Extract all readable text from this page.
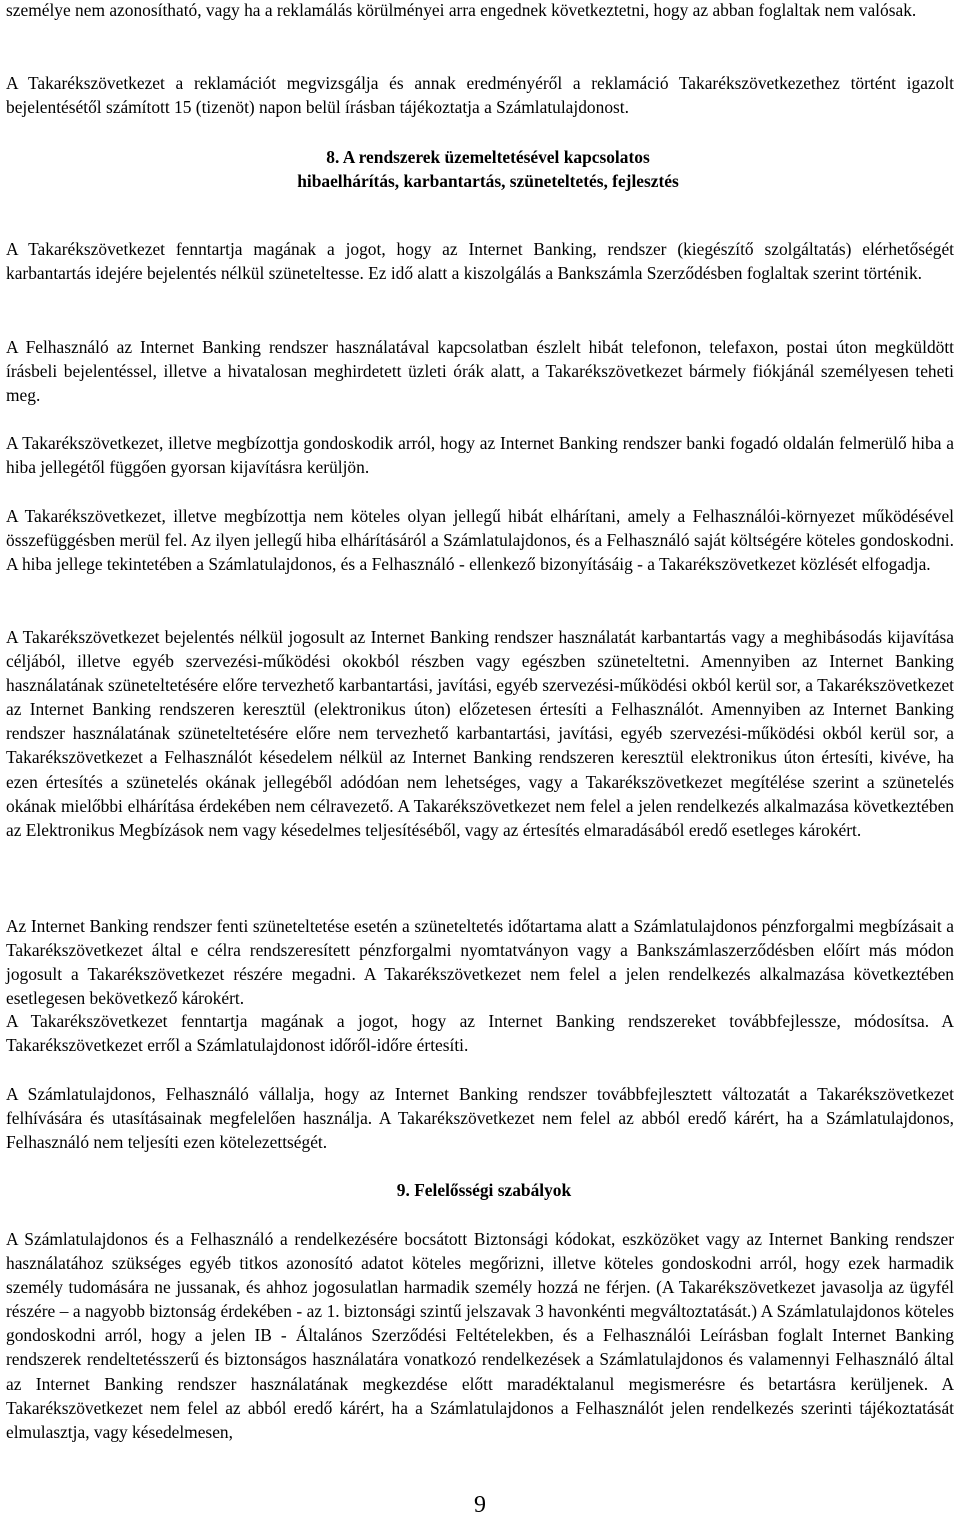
személye nem azonosítható, vagy ha a reklamálás körülményei arra engednek következtetni, hogy az abban foglaltak nem valósak.

A Takarékszövetkezet a reklamációt megvizsgálja és annak eredményéről a reklamáció Takarékszövetkezethez történt igazolt bejelentésétől számított 15 (tizenöt) napon belül írásban tájékoztatja a Számlatulajdonost.

8. A rendszerek üzemeltetésével kapcsolatos

hibaelhárítás, karbantartás, szüneteltetés, fejlesztés

A Takarékszövetkezet fenntartja magának a jogot, hogy az Internet Banking, rendszer (kiegészítő szolgáltatás) elérhetőségét karbantartás idejére bejelentés nélkül szüneteltesse. Ez idő alatt a kiszolgálás a Bankszámla Szerződésben foglaltak szerint történik.

A Felhasználó az Internet Banking rendszer használatával kapcsolatban észlelt hibát telefonon, telefaxon, postai úton megküldött írásbeli bejelentéssel, illetve a hivatalosan meghirdetett üzleti órák alatt, a Takarékszövetkezet bármely fiókjánál személyesen teheti meg.

A Takarékszövetkezet, illetve megbízottja gondoskodik arról, hogy az Internet Banking rendszer banki fogadó oldalán felmerülő hiba a hiba jellegétől függően gyorsan kijavításra kerüljön.

A Takarékszövetkezet, illetve megbízottja nem köteles olyan jellegű hibát elhárítani, amely a Felhasználói-környezet működésével összefüggésben merül fel. Az ilyen jellegű hiba elhárításáról a Számlatulajdonos, és a Felhasználó saját költségére köteles gondoskodni. A hiba jellege tekintetében a Számlatulajdonos, és a Felhasználó - ellenkező bizonyításáig - a Takarékszövetkezet közlését elfogadja.

A Takarékszövetkezet bejelentés nélkül jogosult az Internet Banking rendszer használatát karbantartás vagy a meghibásodás kijavítása céljából, illetve egyéb szervezési-működési okokból részben vagy egészben szüneteltetni. Amennyiben az Internet Banking használatának szüneteltetésére előre tervezhető karbantartási, javítási, egyéb szervezési-működési okból kerül sor, a Takarékszövetkezet az Internet Banking rendszeren keresztül (elektronikus úton) előzetesen értesíti a Felhasználót. Amennyiben az Internet Banking rendszer használatának szüneteltetésére előre nem tervezhető karbantartási, javítási, egyéb szervezési-működési okból kerül sor, a Takarékszövetkezet a Felhasználót késedelem nélkül az Internet Banking rendszeren keresztül elektronikus úton értesíti, kivéve, ha ezen értesítés a szünetelés okának jellegéből adódóan nem lehetséges, vagy a Takarékszövetkezet megítélése szerint a szünetelés okának mielőbbi elhárítása érdekében nem célravezető. A Takarékszövetkezet nem felel a jelen rendelkezés alkalmazása következtében az Elektronikus Megbízások nem vagy késedelmes teljesítéséből, vagy az értesítés elmaradásából eredő esetleges károkért.

Az Internet Banking rendszer fenti szüneteltetése esetén a szüneteltetés időtartama alatt a Számlatulajdonos pénzforgalmi megbízásait a Takarékszövetkezet által e célra rendszeresített pénzforgalmi nyomtatványon vagy a Bankszámlaszerződésben előírt más módon jogosult a Takarékszövetkezet részére megadni. A Takarékszövetkezet nem felel a jelen rendelkezés alkalmazása következtében esetlegesen bekövetkező károkért.

A Takarékszövetkezet fenntartja magának a jogot, hogy az Internet Banking rendszereket továbbfejlessze, módosítsa. A Takarékszövetkezet erről a Számlatulajdonost időről-időre értesíti.

A Számlatulajdonos, Felhasználó vállalja, hogy az Internet Banking rendszer továbbfejlesztett változatát a Takarékszövetkezet felhívására és utasításainak megfelelően használja. A Takarékszövetkezet nem felel az abból eredő kárért, ha a Számlatulajdonos, Felhasználó nem teljesíti ezen kötelezettségét.

9. Felelősségi szabályok

A Számlatulajdonos és a Felhasználó a rendelkezésére bocsátott Biztonsági kódokat, eszközöket vagy az Internet Banking rendszer használatához szükséges egyéb titkos azonosító adatot köteles megőrizni, illetve köteles gondoskodni arról, hogy ezek harmadik személy tudomására ne jussanak, és ahhoz jogosulatlan harmadik személy hozzá ne férjen. (A Takarékszövetkezet javasolja az ügyfél részére – a nagyobb biztonság érdekében - az 1. biztonsági szintű jelszavak 3 havonkénti megváltoztatását.) A Számlatulajdonos köteles gondoskodni arról, hogy a jelen IB - Általános Szerződési Feltételekben, és a Felhasználói Leírásban foglalt Internet Banking rendszerek rendeltetésszerű és biztonságos használatára vonatkozó rendelkezések a Számlatulajdonos és valamennyi Felhasználó által az Internet Banking rendszer használatának megkezdése előtt maradéktalanul megismerésre és betartásra kerüljenek. A Takarékszövetkezet nem felel az abból eredő kárért, ha a Számlatulajdonos a Felhasználót jelen rendelkezés szerinti tájékoztatását elmulasztja, vagy késedelmesen,

9
